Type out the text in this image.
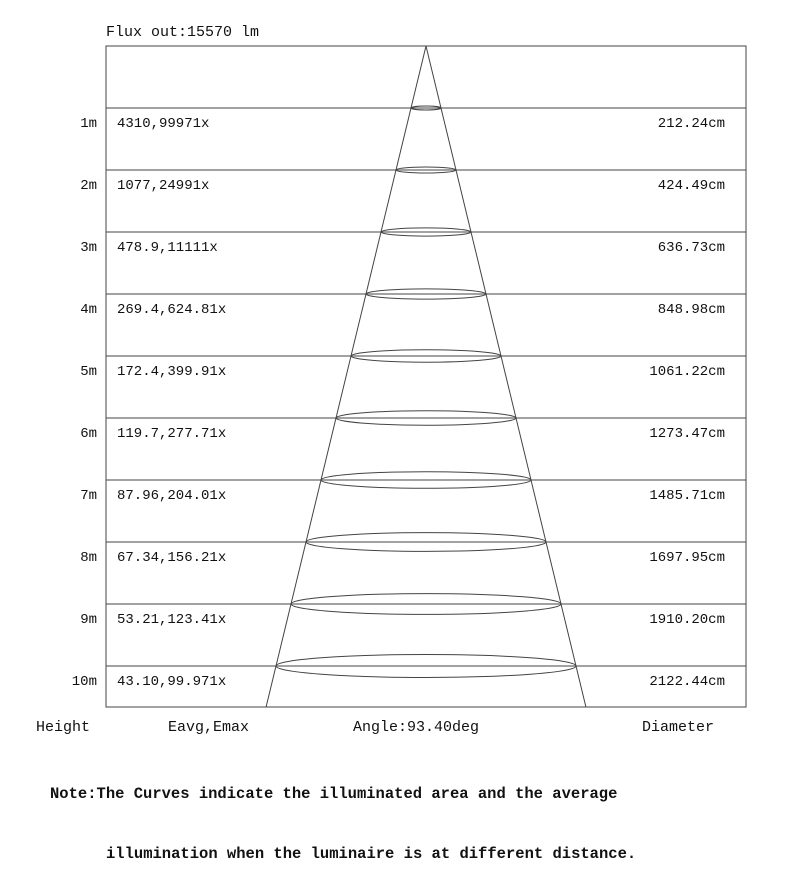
Flux out:15570 lm
1m 4310,99971x	212.24cm
2m 1077,24991x	424.49cm
3m 478.9,11111x	636.73cm
4m 269.4,624.81x	848.98cm
5m 172.4,399.91x	1061.22cm
6m 119.7,277.71x	1273.47cm
7m 87.96,204.01x	1485.71cm
8m 67.34,156.21x	1697.95cm
9m 53.21,123.41x	1910.20cm
10m 43.10,99.971x	2122.44cm
Height	Eavg,Emax	Angle:93.40deg	Diameter

Note:The Curves indicate the illuminated area and the average

illumination when the luminaire is at different distance.
